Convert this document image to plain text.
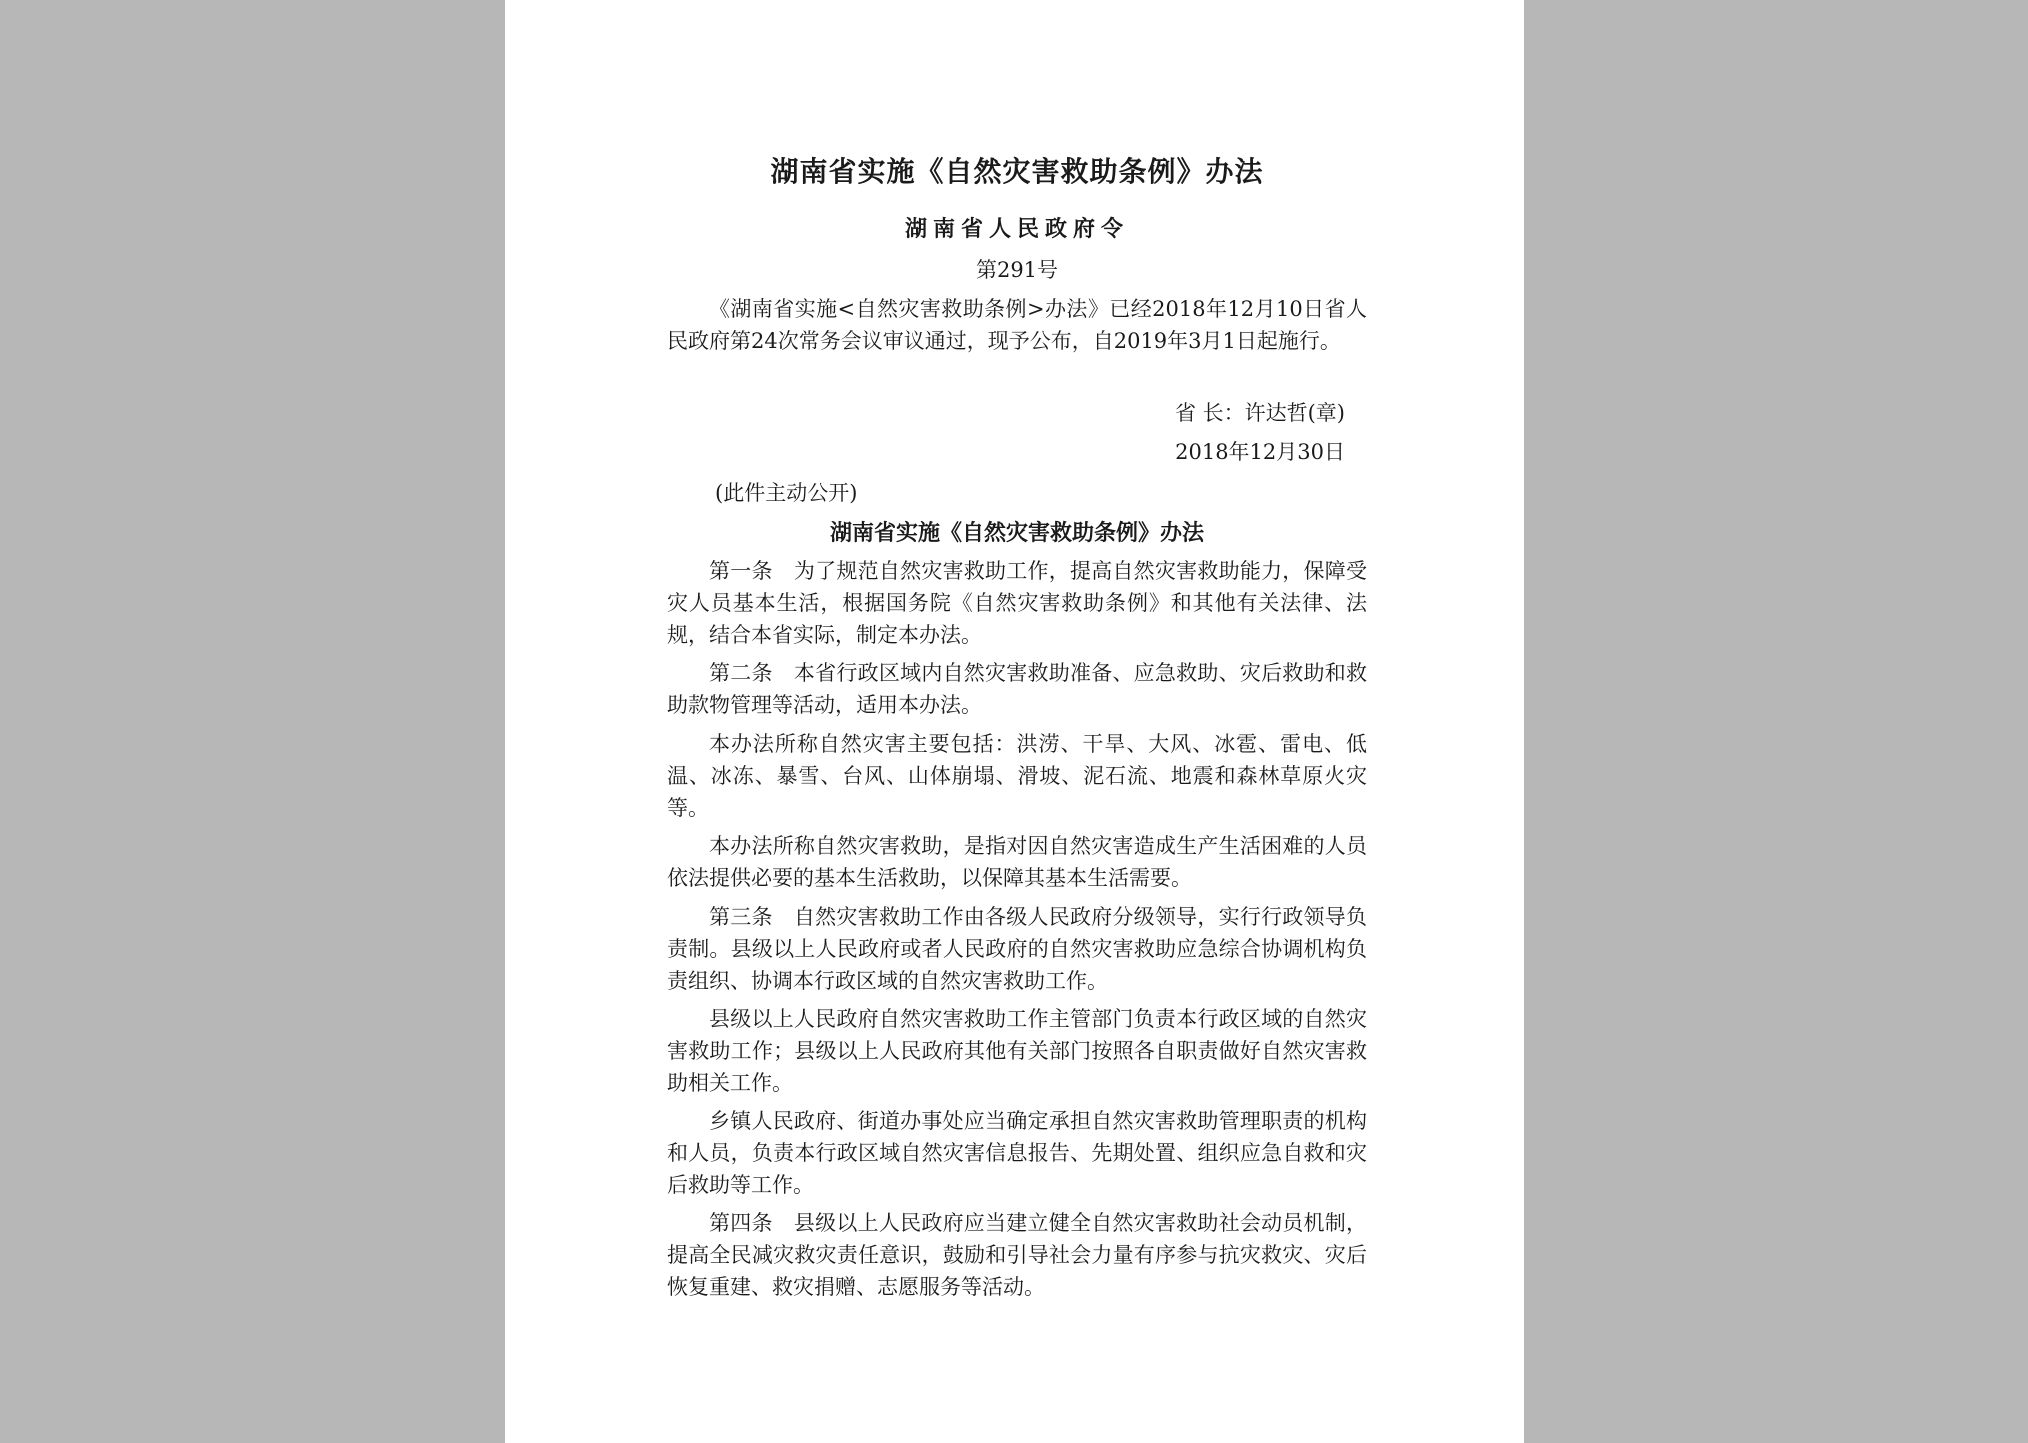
湖南省实施《自然灾害救助条例》办法
湖南省人民政府令
第291号

《湖南省实施<自然灾害救助条例>办法》已经2018年12月10日省人民政府第24次常务会议审议通过，现予公布，自2019年3月1日起施行。

省 长：许达哲(章)
2018年12月30日
(此件主动公开)
湖南省实施《自然灾害救助条例》办法

第一条　为了规范自然灾害救助工作，提高自然灾害救助能力，保障受灾人员基本生活，根据国务院《自然灾害救助条例》和其他有关法律、法规，结合本省实际，制定本办法。

第二条　本省行政区域内自然灾害救助准备、应急救助、灾后救助和救助款物管理等活动，适用本办法。

本办法所称自然灾害主要包括：洪涝、干旱、大风、冰雹、雷电、低温、冰冻、暴雪、台风、山体崩塌、滑坡、泥石流、地震和森林草原火灾等。

本办法所称自然灾害救助，是指对因自然灾害造成生产生活困难的人员依法提供必要的基本生活救助，以保障其基本生活需要。

第三条　自然灾害救助工作由各级人民政府分级领导，实行行政领导负责制。县级以上人民政府或者人民政府的自然灾害救助应急综合协调机构负责组织、协调本行政区域的自然灾害救助工作。

县级以上人民政府自然灾害救助工作主管部门负责本行政区域的自然灾害救助工作；县级以上人民政府其他有关部门按照各自职责做好自然灾害救助相关工作。

乡镇人民政府、街道办事处应当确定承担自然灾害救助管理职责的机构和人员，负责本行政区域自然灾害信息报告、先期处置、组织应急自救和灾后救助等工作。

第四条　县级以上人民政府应当建立健全自然灾害救助社会动员机制，提高全民减灾救灾责任意识，鼓励和引导社会力量有序参与抗灾救灾、灾后恢复重建、救灾捐赠、志愿服务等活动。
